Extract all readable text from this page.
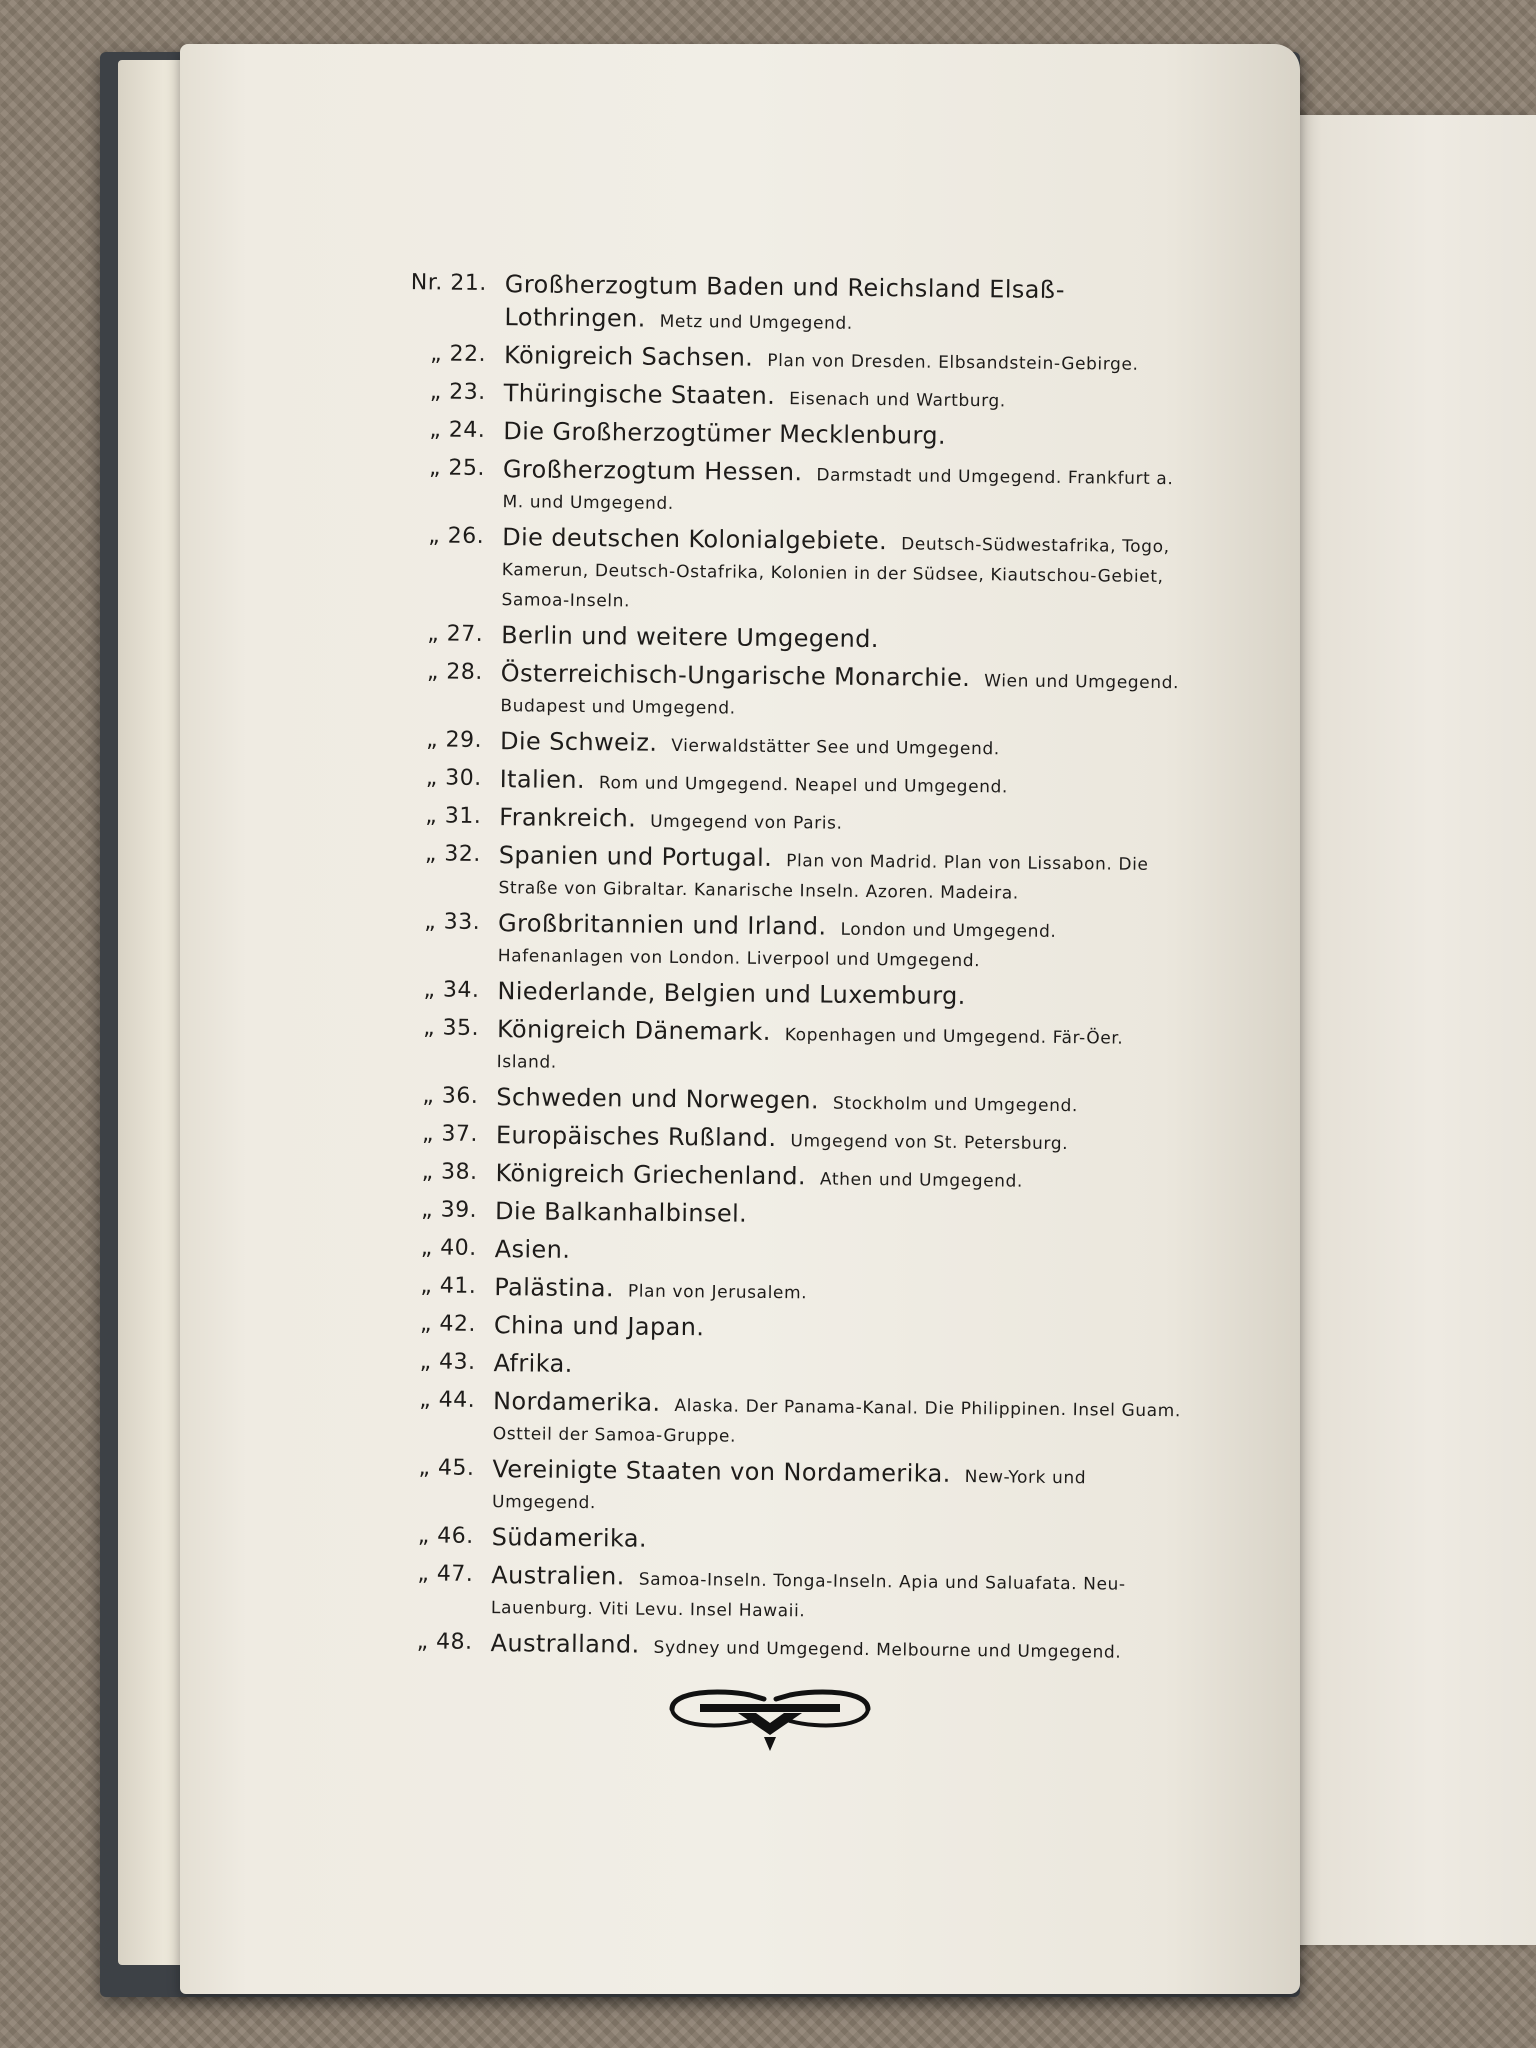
Nr. 21. Großherzogtum Baden und Reichsland Elsaß-Lothringen. Metz und Umgegend.
„ 22. Königreich Sachsen. Plan von Dresden. Elbsandstein-Gebirge.
„ 23. Thüringische Staaten. Eisenach und Wartburg.
„ 24. Die Großherzogtümer Mecklenburg.
„ 25. Großherzogtum Hessen. Darmstadt und Umgegend. Frankfurt a. M. und Umgegend.
„ 26. Die deutschen Kolonialgebiete. Deutsch-Südwestafrika, Togo, Kamerun, Deutsch-Ostafrika, Kolonien in der Südsee, Kiautschou-Gebiet, Samoa-Inseln.
„ 27. Berlin und weitere Umgegend.
„ 28. Österreichisch-Ungarische Monarchie. Wien und Umgegend. Budapest und Umgegend.
„ 29. Die Schweiz. Vierwaldstätter See und Umgegend.
„ 30. Italien. Rom und Umgegend. Neapel und Umgegend.
„ 31. Frankreich. Umgegend von Paris.
„ 32. Spanien und Portugal. Plan von Madrid. Plan von Lissabon. Die Straße von Gibraltar. Kanarische Inseln. Azoren. Madeira.
„ 33. Großbritannien und Irland. London und Umgegend. Hafenanlagen von London. Liverpool und Umgegend.
„ 34. Niederlande, Belgien und Luxemburg.
„ 35. Königreich Dänemark. Kopenhagen und Umgegend. Fär-Öer. Island.
„ 36. Schweden und Norwegen. Stockholm und Umgegend.
„ 37. Europäisches Rußland. Umgegend von St. Petersburg.
„ 38. Königreich Griechenland. Athen und Umgegend.
„ 39. Die Balkanhalbinsel.
„ 40. Asien.
„ 41. Palästina. Plan von Jerusalem.
„ 42. China und Japan.
„ 43. Afrika.
„ 44. Nordamerika. Alaska. Der Panama-Kanal. Die Philippinen. Insel Guam. Ostteil der Samoa-Gruppe.
„ 45. Vereinigte Staaten von Nordamerika. New-York und Umgegend.
„ 46. Südamerika.
„ 47. Australien. Samoa-Inseln. Tonga-Inseln. Apia und Saluafata. Neu-Lauenburg. Viti Levu. Insel Hawaii.
„ 48. Australland. Sydney und Umgegend. Melbourne und Umgegend.
